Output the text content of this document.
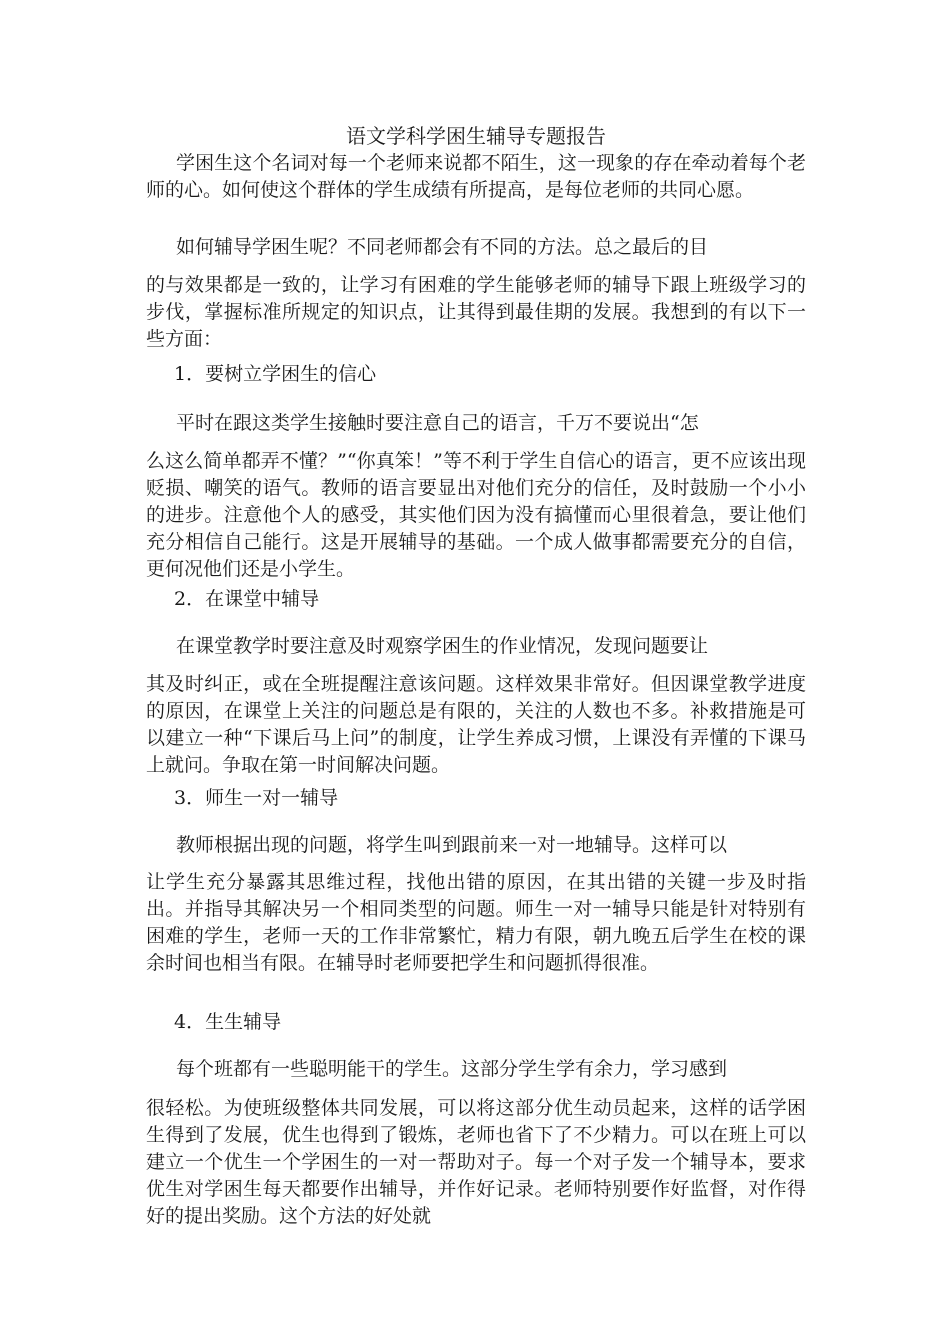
语文学科学困生辅导专题报告

学困生这个名词对每一个老师来说都不陌生，这一现象的存在牵动着每个老师的心。如何使这个群体的学生成绩有所提高，是每位老师的共同心愿。

如何辅导学困生呢？不同老师都会有不同的方法。总之最后的目

的与效果都是一致的，让学习有困难的学生能够老师的辅导下跟上班级学习的步伐，掌握标准所规定的知识点，让其得到最佳期的发展。我想到的有以下一些方面：

1．要树立学困生的信心

平时在跟这类学生接触时要注意自己的语言，千万不要说出“怎

么这么简单都弄不懂？”“你真笨！”等不利于学生自信心的语言，更不应该出现贬损、嘲笑的语气。教师的语言要显出对他们充分的信任，及时鼓励一个小小的进步。注意他个人的感受，其实他们因为没有搞懂而心里很着急，要让他们充分相信自己能行。这是开展辅导的基础。一个成人做事都需要充分的自信，更何况他们还是小学生。

2．在课堂中辅导

在课堂教学时要注意及时观察学困生的作业情况，发现问题要让

其及时纠正，或在全班提醒注意该问题。这样效果非常好。但因课堂教学进度的原因，在课堂上关注的问题总是有限的，关注的人数也不多。补救措施是可以建立一种“下课后马上问”的制度，让学生养成习惯，上课没有弄懂的下课马上就问。争取在第一时间解决问题。

3．师生一对一辅导

教师根据出现的问题，将学生叫到跟前来一对一地辅导。这样可以

让学生充分暴露其思维过程，找他出错的原因，在其出错的关键一步及时指出。并指导其解决另一个相同类型的问题。师生一对一辅导只能是针对特别有困难的学生，老师一天的工作非常繁忙，精力有限，朝九晚五后学生在校的课余时间也相当有限。在辅导时老师要把学生和问题抓得很准。

4．生生辅导

每个班都有一些聪明能干的学生。这部分学生学有余力，学习感到

很轻松。为使班级整体共同发展，可以将这部分优生动员起来，这样的话学困生得到了发展，优生也得到了锻炼，老师也省下了不少精力。可以在班上可以建立一个优生一个学困生的一对一帮助对子。每一个对子发一个辅导本，要求优生对学困生每天都要作出辅导，并作好记录。老师特别要作好监督，对作得好的提出奖励。这个方法的好处就
